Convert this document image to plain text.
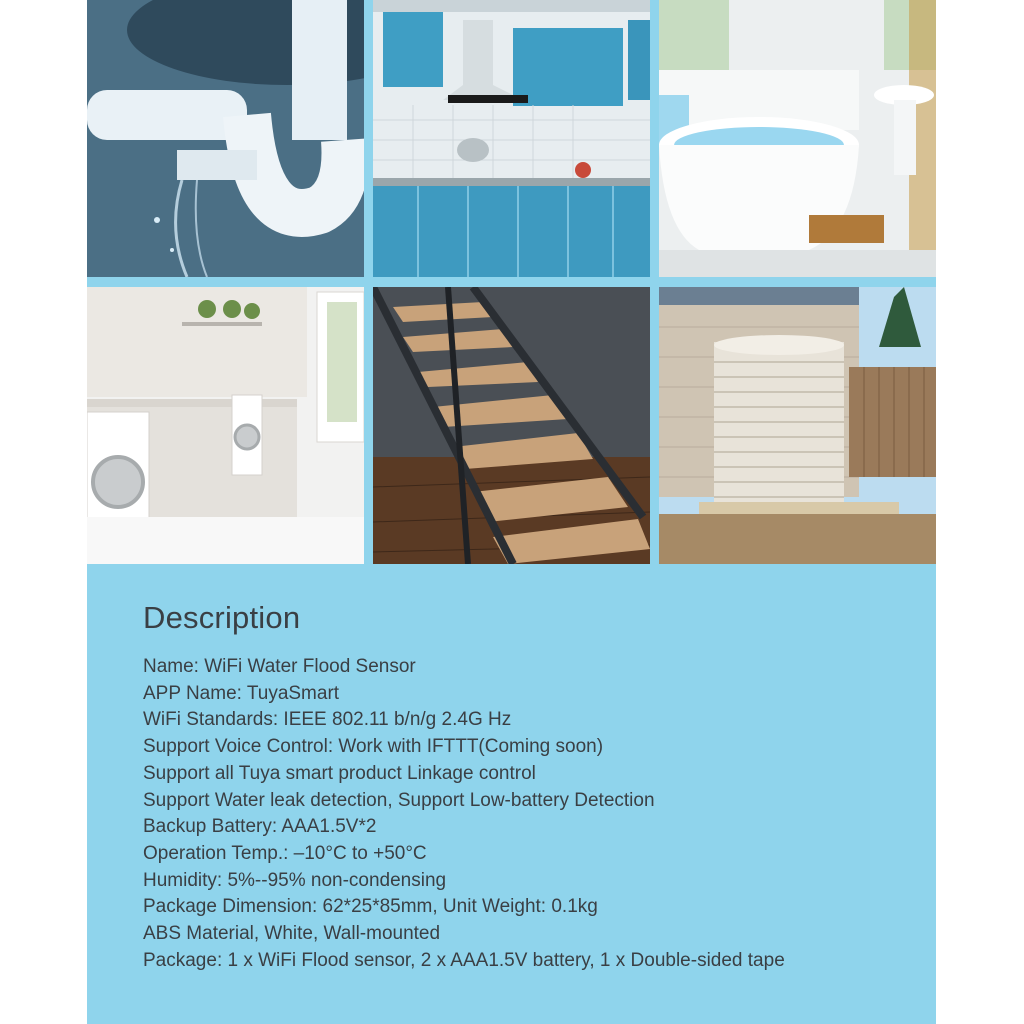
Description
Name: WiFi Water Flood Sensor
APP Name: TuyaSmart
WiFi Standards: IEEE 802.11 b/n/g 2.4G Hz
Support Voice Control: Work with IFTTT(Coming soon)
Support all Tuya smart product Linkage control
Support Water leak detection, Support Low-battery Detection
Backup Battery: AAA1.5V*2
Operation Temp.: –10°C to +50°C
Humidity: 5%--95% non-condensing
Package Dimension: 62*25*85mm, Unit Weight: 0.1kg
ABS Material, White, Wall-mounted
Package: 1 x WiFi Flood sensor, 2 x AAA1.5V battery, 1 x Double-sided tape
